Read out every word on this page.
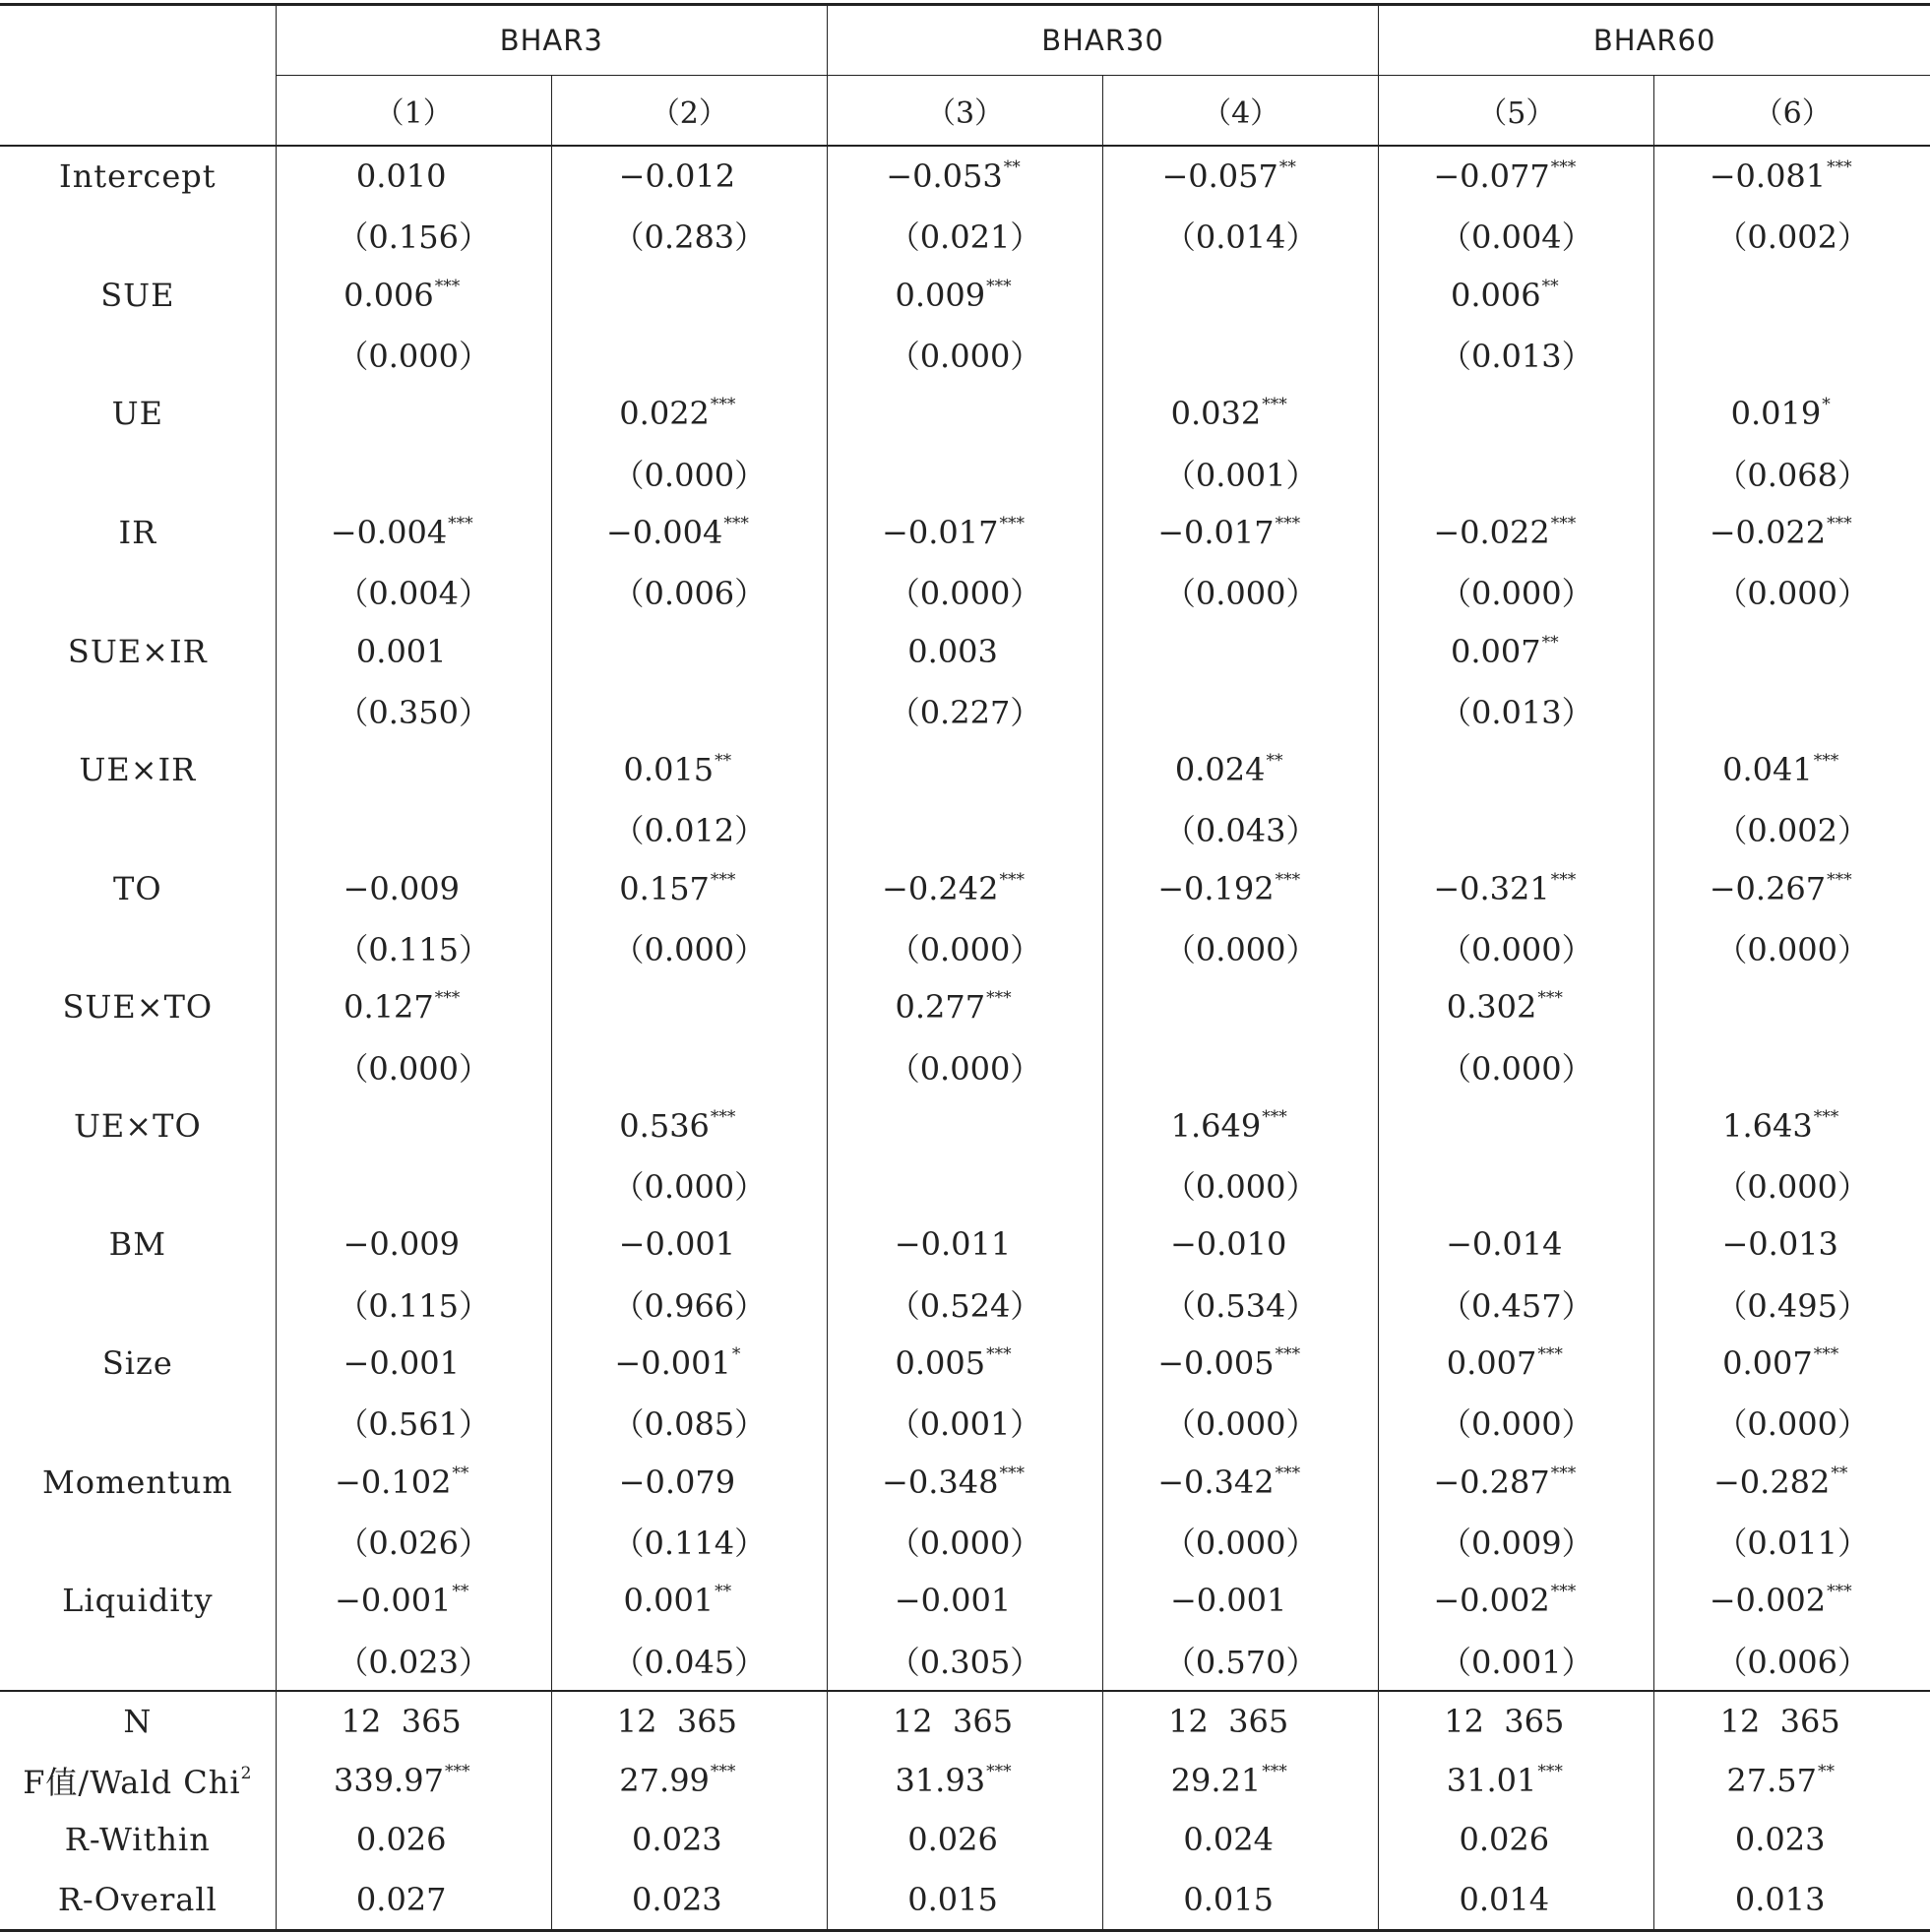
	BHAR3		BHAR30		BHAR60	
	（1）	（2）	（3）	（4）	（5）	（6）
Intercept	0.010	−0.012	−0.053**	−0.057**	−0.077***	−0.081***
	（0.156）	（0.283）	（0.021）	（0.014）	（0.004）	（0.002）
SUE	0.006***		0.009***		0.006**	
	（0.000）		（0.000）		（0.013）	
UE		0.022***		0.032***		0.019*
		（0.000）		（0.001）		（0.068）
IR	−0.004***	−0.004***	−0.017***	−0.017***	−0.022***	−0.022***
	（0.004）	（0.006）	（0.000）	（0.000）	（0.000）	（0.000）
SUE×IR	0.001		0.003		0.007**	
	（0.350）		（0.227）		（0.013）	
UE×IR		0.015**		0.024**		0.041***
		（0.012）		（0.043）		（0.002）
TO	−0.009	0.157***	−0.242***	−0.192***	−0.321***	−0.267***
	（0.115）	（0.000）	（0.000）	（0.000）	（0.000）	（0.000）
SUE×TO	0.127***		0.277***		0.302***	
	（0.000）		（0.000）		（0.000）	
UE×TO		0.536***		1.649***		1.643***
		（0.000）		（0.000）		（0.000）
BM	−0.009	−0.001	−0.011	−0.010	−0.014	−0.013
	（0.115）	（0.966）	（0.524）	（0.534）	（0.457）	（0.495）
Size	−0.001	−0.001*	0.005***	−0.005***	0.007***	0.007***
	（0.561）	（0.085）	（0.001）	（0.000）	（0.000）	（0.000）
Momentum	−0.102**	−0.079	−0.348***	−0.342***	−0.287***	−0.282**
	（0.026）	（0.114）	（0.000）	（0.000）	（0.009）	（0.011）
Liquidity	−0.001**	0.001**	−0.001	−0.001	−0.002***	−0.002***
	（0.023）	（0.045）	（0.305）	（0.570）	（0.001）	（0.006）
N	12  365	12  365	12  365	12  365	12  365	12  365
F值/Wald Chi$^2$	339.97***	27.99***	31.93***	29.21***	31.01***	27.57**
R-Within	0.026	0.023	0.026	0.024	0.026	0.023
R-Overall	0.027	0.023	0.015	0.015	0.014	0.013
